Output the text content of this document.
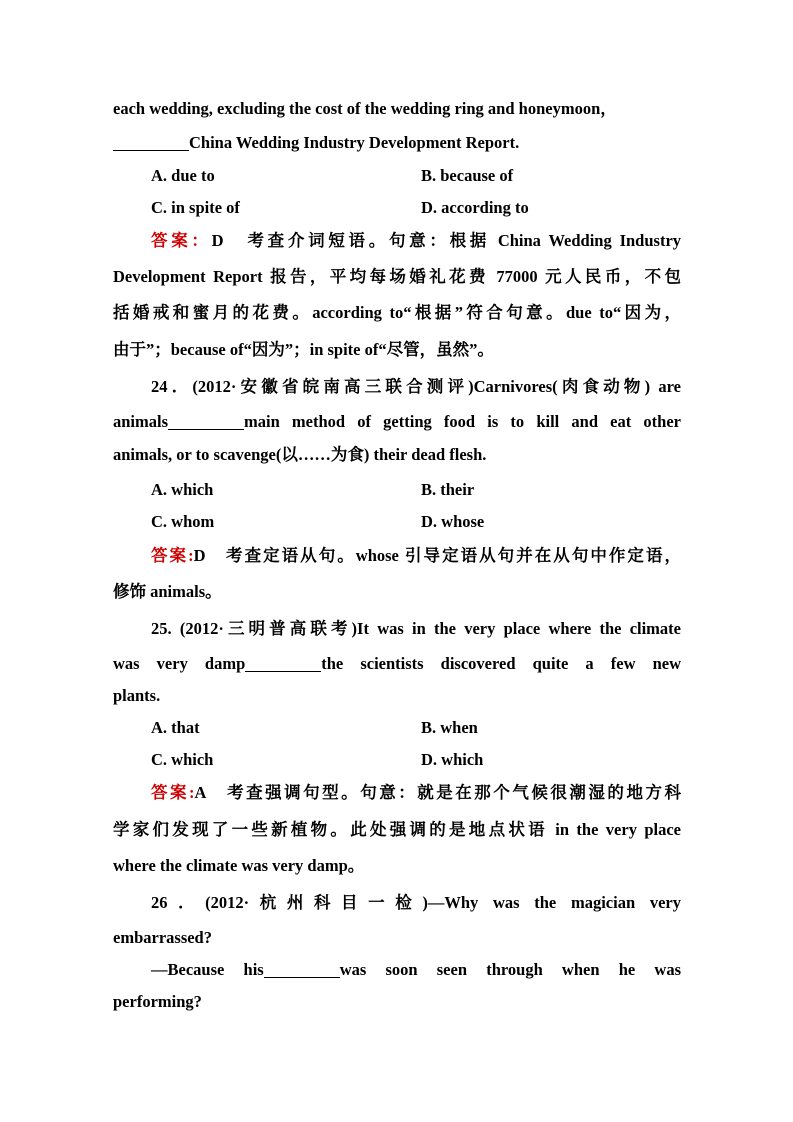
each wedding, excluding the cost of the wedding ring and honeymoon，
China Wedding Industry Development Report.
A. due to	B. because of
C. in spite of	D. according to
答案：D　考查介词短语。句意：根据 China Wedding Industry
Development Report 报告，平均每场婚礼花费 77000 元人民币，不包
括婚戒和蜜月的花费。according to“根据”符合句意。due to“因为，
由于”；because of“因为”；in spite of“尽管，虽然”。
24．(2012·安徽省皖南高三联合测评)Carnivores(肉食动物) are
animals	main method of getting food is to kill and eat other
animals, or to scavenge(以……为食) their dead flesh.
A. which	B. their
C. whom	D. whose
答案:D　考查定语从句。whose 引导定语从句并在从句中作定语，
修饰 animals。
25. (2012·三明普高联考)It was in the very place where the climate
was very damp	the scientists discovered quite a few new
plants.
A. that	B. when
C. which	D. which
答案:A　考查强调句型。句意：就是在那个气候很潮湿的地方科
学家们发现了一些新植物。此处强调的是地点状语 in the very place
where the climate was very damp。
26．(2012·杭州科目一检)—Why was the magician very
embarrassed?
—Because his	was soon seen through when he was
performing?
